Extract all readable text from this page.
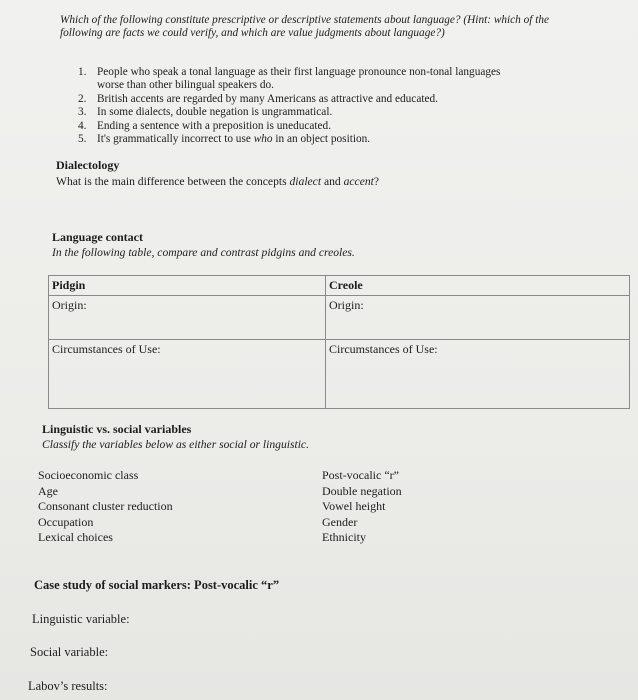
Which of the following constitute prescriptive or descriptive statements about language? (Hint: which of the following are facts we could verify, and which are value judgments about language?)
1. People who speak a tonal language as their first language pronounce non-tonal languages
worse than other bilingual speakers do.
2. British accents are regarded by many Americans as attractive and educated.
3. In some dialects, double negation is ungrammatical.
4. Ending a sentence with a preposition is uneducated.
5. It's grammatically incorrect to use who in an object position.
Dialectology
What is the main difference between the concepts dialect and accent?
Language contact
In the following table, compare and contrast pidgins and creoles.
Pidgin	Creole
Origin:	Origin:
Circumstances of Use:	Circumstances of Use:
Linguistic vs. social variables
Classify the variables below as either social or linguistic.
Socioeconomic class
Age
Consonant cluster reduction
Occupation
Lexical choices
Post-vocalic “r”
Double negation
Vowel height
Gender
Ethnicity
Case study of social markers: Post-vocalic “r”
Linguistic variable:
Social variable:
Labov’s results:
